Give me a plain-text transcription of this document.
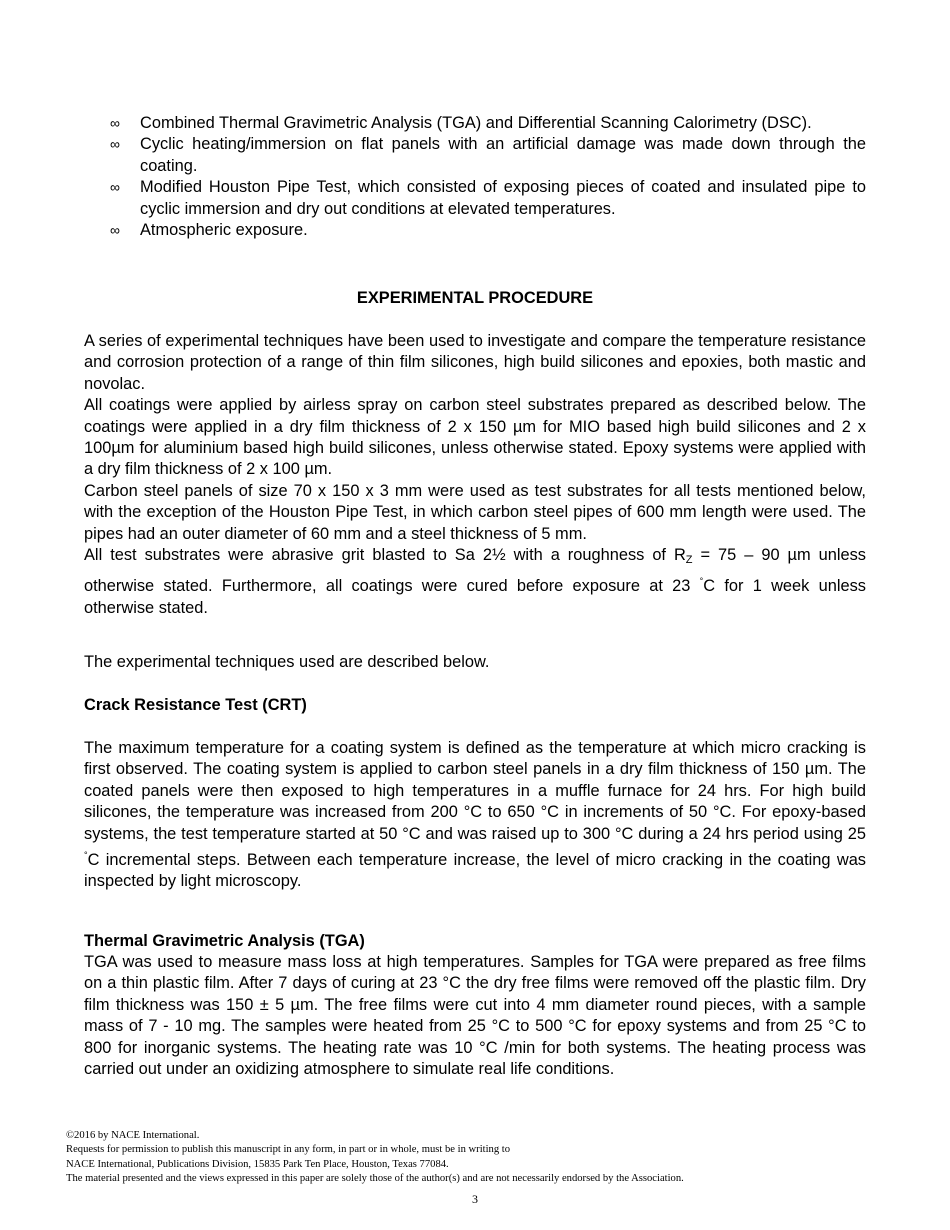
∞ Combined Thermal Gravimetric Analysis (TGA) and Differential Scanning Calorimetry (DSC).
∞ Cyclic heating/immersion on flat panels with an artificial damage was made down through the coating.
∞ Modified Houston Pipe Test, which consisted of exposing pieces of coated and insulated pipe to cyclic immersion and dry out conditions at elevated temperatures.
∞ Atmospheric exposure.
EXPERIMENTAL PROCEDURE

A series of experimental techniques have been used to investigate and compare the temperature resistance and corrosion protection of a range of thin film silicones, high build silicones and epoxies, both mastic and novolac.

All coatings were applied by airless spray on carbon steel substrates prepared as described below. The coatings were applied in a dry film thickness of 2 x 150 µm for MIO based high build silicones and 2 x 100µm for aluminium based high build silicones, unless otherwise stated. Epoxy systems were applied with a dry film thickness of 2 x 100 µm.

Carbon steel panels of size 70 x 150 x 3 mm were used as test substrates for all tests mentioned below, with the exception of the Houston Pipe Test, in which carbon steel pipes of 600 mm length were used. The pipes had an outer diameter of 60 mm and a steel thickness of 5 mm.

All test substrates were abrasive grit blasted to Sa 2½ with a roughness of $R_Z = 75 - 90$ µm unless otherwise stated. Furthermore, all coatings were cured before exposure at 23 °C for 1 week unless otherwise stated.

The experimental techniques used are described below.

Crack Resistance Test (CRT)

The maximum temperature for a coating system is defined as the temperature at which micro cracking is first observed. The coating system is applied to carbon steel panels in a dry film thickness of 150 µm. The coated panels were then exposed to high temperatures in a muffle furnace for 24 hrs. For high build silicones, the temperature was increased from 200 °C to 650 °C in increments of 50 °C. For epoxy-based systems, the test temperature started at 50 °C and was raised up to 300 °C during a 24 hrs period using 25 °C incremental steps. Between each temperature increase, the level of micro cracking in the coating was inspected by light microscopy.

Thermal Gravimetric Analysis (TGA)

TGA was used to measure mass loss at high temperatures. Samples for TGA were prepared as free films on a thin plastic film. After 7 days of curing at 23 °C the dry free films were removed off the plastic film. Dry film thickness was 150 ± 5 µm. The free films were cut into 4 mm diameter round pieces, with a sample mass of 7 - 10 mg. The samples were heated from 25 °C to 500 °C for epoxy systems and from 25 °C to 800 for inorganic systems. The heating rate was 10 °C /min for both systems. The heating process was carried out under an oxidizing atmosphere to simulate real life conditions.

©2016 by NACE International.
Requests for permission to publish this manuscript in any form, in part or in whole, must be in writing to
NACE International, Publications Division, 15835 Park Ten Place, Houston, Texas 77084.
The material presented and the views expressed in this paper are solely those of the author(s) and are not necessarily endorsed by the Association.
3
